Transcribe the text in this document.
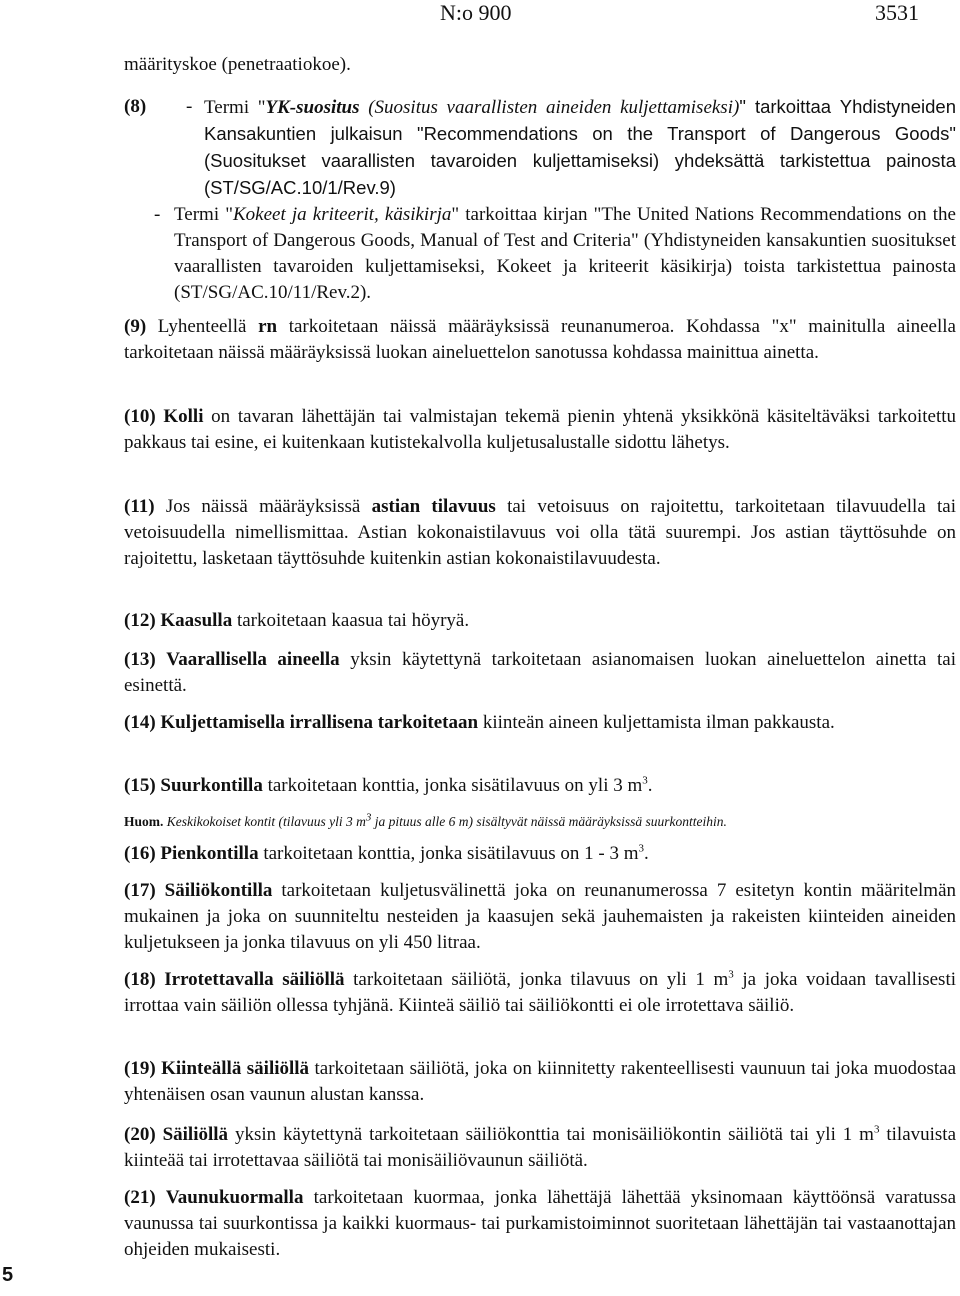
N:o 900	3531
5
määrityskoe (penetraatiokoe).
(8) - Termi "YK-suositus (Suositus vaarallisten aineiden kuljettamiseksi)" tarkoittaa Yhdistyneiden Kansakuntien julkaisun "Recommendations on the Transport of Dangerous Goods" (Suositukset vaarallisten tavaroiden kuljettamiseksi) yhdeksättä tarkistettua painosta (ST/SG/AC.10/1/Rev.9)
- Termi "Kokeet ja kriteerit, käsikirja" tarkoittaa kirjan "The United Nations Recommendations on the Transport of Dangerous Goods, Manual of Test and Criteria" (Yhdistyneiden kansakuntien suositukset vaarallisten tavaroiden kuljettamiseksi, Kokeet ja kriteerit käsikirja) toista tarkistettua painosta (ST/SG/AC.10/11/Rev.2).
(9) Lyhenteellä rn tarkoitetaan näissä määräyksissä reunanumeroa. Kohdassa "x" mainitulla aineella tarkoitetaan näissä määräyksissä luokan aineluettelon sanotussa kohdassa mainittua ainetta.
(10) Kolli on tavaran lähettäjän tai valmistajan tekemä pienin yhtenä yksikkönä käsiteltäväksi tarkoitettu pakkaus tai esine, ei kuitenkaan kutistekalvolla kuljetusalustalle sidottu lähetys.
(11) Jos näissä määräyksissä astian tilavuus tai vetoisuus on rajoitettu, tarkoitetaan tilavuudella tai vetoisuudella nimellismittaa. Astian kokonaistilavuus voi olla tätä suurempi. Jos astian täyttösuhde on rajoitettu, lasketaan täyttösuhde kuitenkin astian kokonaistilavuudesta.
(12) Kaasulla tarkoitetaan kaasua tai höyryä.
(13) Vaarallisella aineella yksin käytettynä tarkoitetaan asianomaisen luokan aineluettelon ainetta tai esinettä.
(14) Kuljettamisella irrallisena tarkoitetaan kiinteän aineen kuljettamista ilman pakkausta.
(15) Suurkontilla tarkoitetaan konttia, jonka sisätilavuus on yli 3 $m^3$.
Huom. Keskikokoiset kontit (tilavuus yli 3 m$^3$ ja pituus alle 6 m) sisältyvät näissä määräyksissä suurkontteihin.
(16) Pienkontilla tarkoitetaan konttia, jonka sisätilavuus on 1 - 3 $m^3$.
(17) Säiliökontilla tarkoitetaan kuljetusvälinettä joka on reunanumerossa 7 esitetyn kontin määritelmän mukainen ja joka on suunniteltu nesteiden ja kaasujen sekä jauhemaisten ja rakeisten kiinteiden aineiden kuljetukseen ja jonka tilavuus on yli 450 litraa.
(18) Irrotettavalla säiliöllä tarkoitetaan säiliötä, jonka tilavuus on yli 1 $m^3$ ja joka voidaan tavallisesti irrottaa vain säiliön ollessa tyhjänä. Kiinteä säiliö tai säiliökontti ei ole irrotettava säiliö.
(19) Kiinteällä säiliöllä tarkoitetaan säiliötä, joka on kiinnitetty rakenteellisesti vaunuun tai joka muodostaa yhtenäisen osan vaunun alustan kanssa.
(20) Säiliöllä yksin käytettynä tarkoitetaan säiliökonttia tai monisäiliökontin säiliötä tai yli 1 $m^3$ tilavuista kiinteää tai irrotettavaa säiliötä tai monisäiliövaunun säiliötä.
(21) Vaunukuormalla tarkoitetaan kuormaa, jonka lähettäjä lähettää yksinomaan käyttöönsä varatussa vaunussa tai suurkontissa ja kaikki kuormaus- tai purkamistoiminnot suoritetaan lähettäjän tai vastaanottajan ohjeiden mukaisesti.
